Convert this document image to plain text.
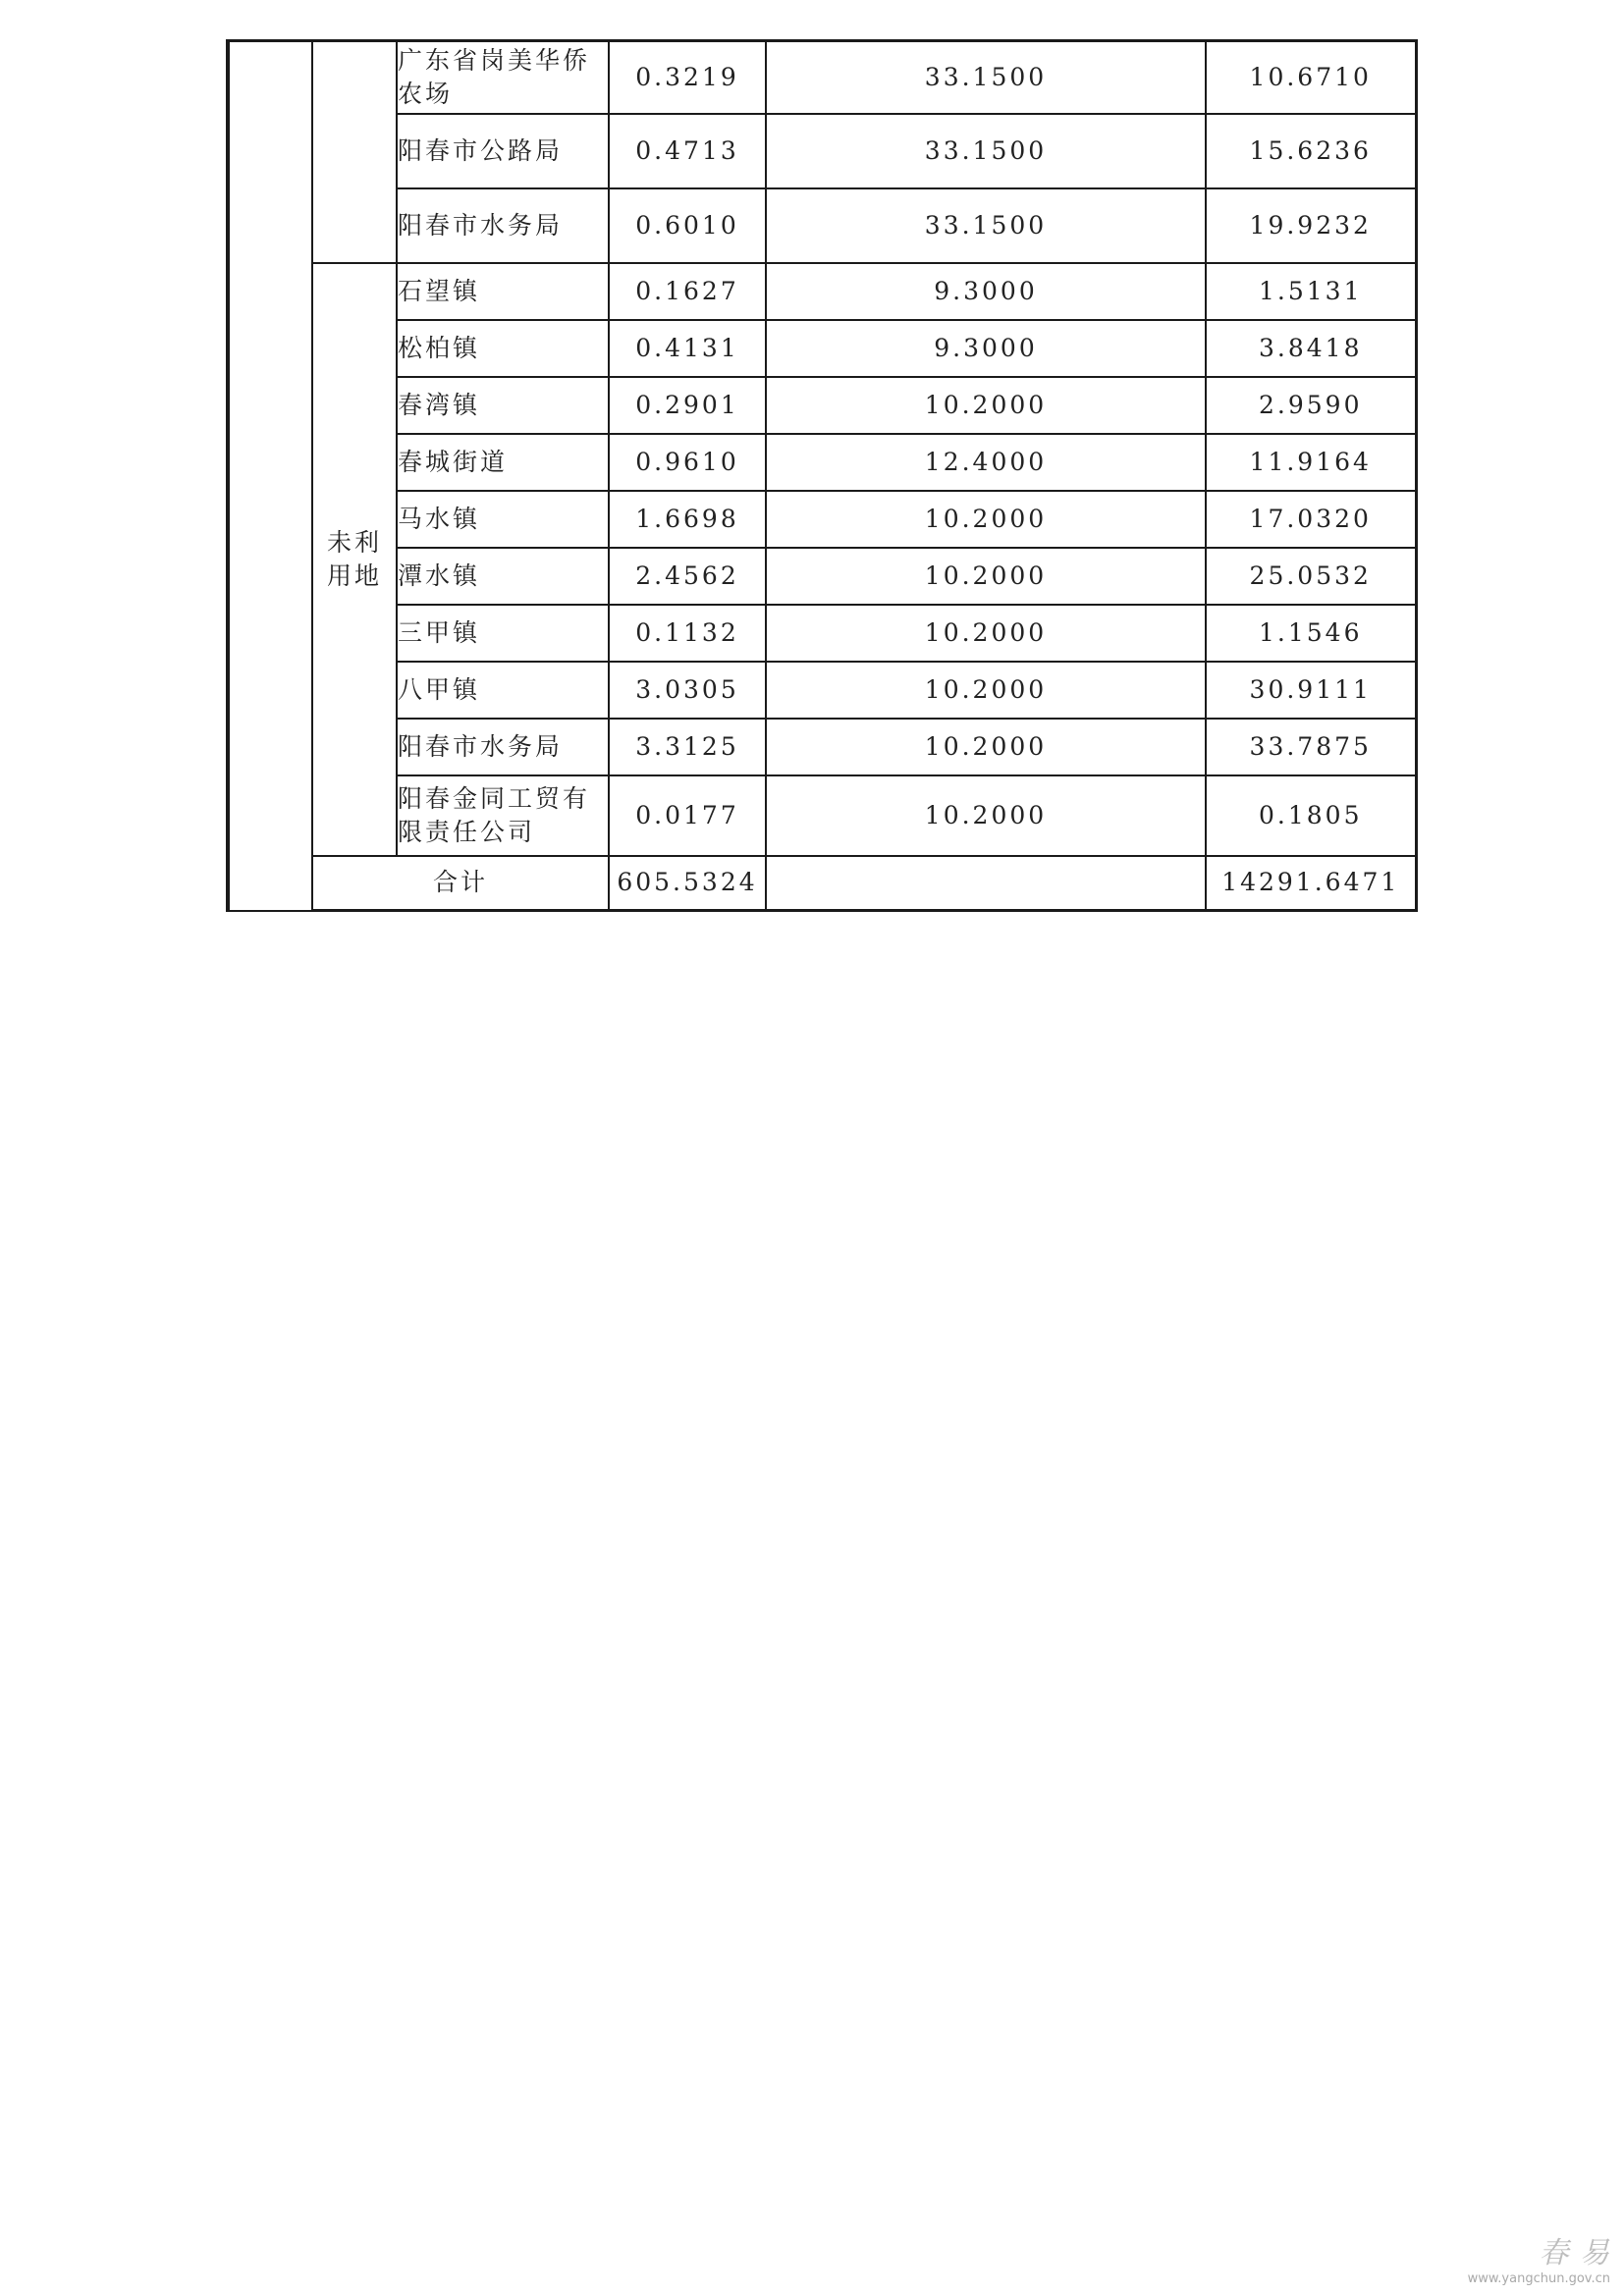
		广东省岗美华侨农场	0.3219	33.1500	10.6710
		阳春市公路局	0.4713	33.1500	15.6236
		阳春市水务局	0.6010	33.1500	19.9232
	未利用地	石望镇	0.1627	9.3000	1.5131
		松柏镇	0.4131	9.3000	3.8418
		春湾镇	0.2901	10.2000	2.9590
		春城街道	0.9610	12.4000	11.9164
		马水镇	1.6698	10.2000	17.0320
		潭水镇	2.4562	10.2000	25.0532
		三甲镇	0.1132	10.2000	1.1546
		八甲镇	3.0305	10.2000	30.9111
		阳春市水务局	3.3125	10.2000	33.7875
		阳春金同工贸有限责任公司	0.0177	10.2000	0.1805
	合计		605.5324		14291.6471
春 易
www.yangchun.gov.cn
